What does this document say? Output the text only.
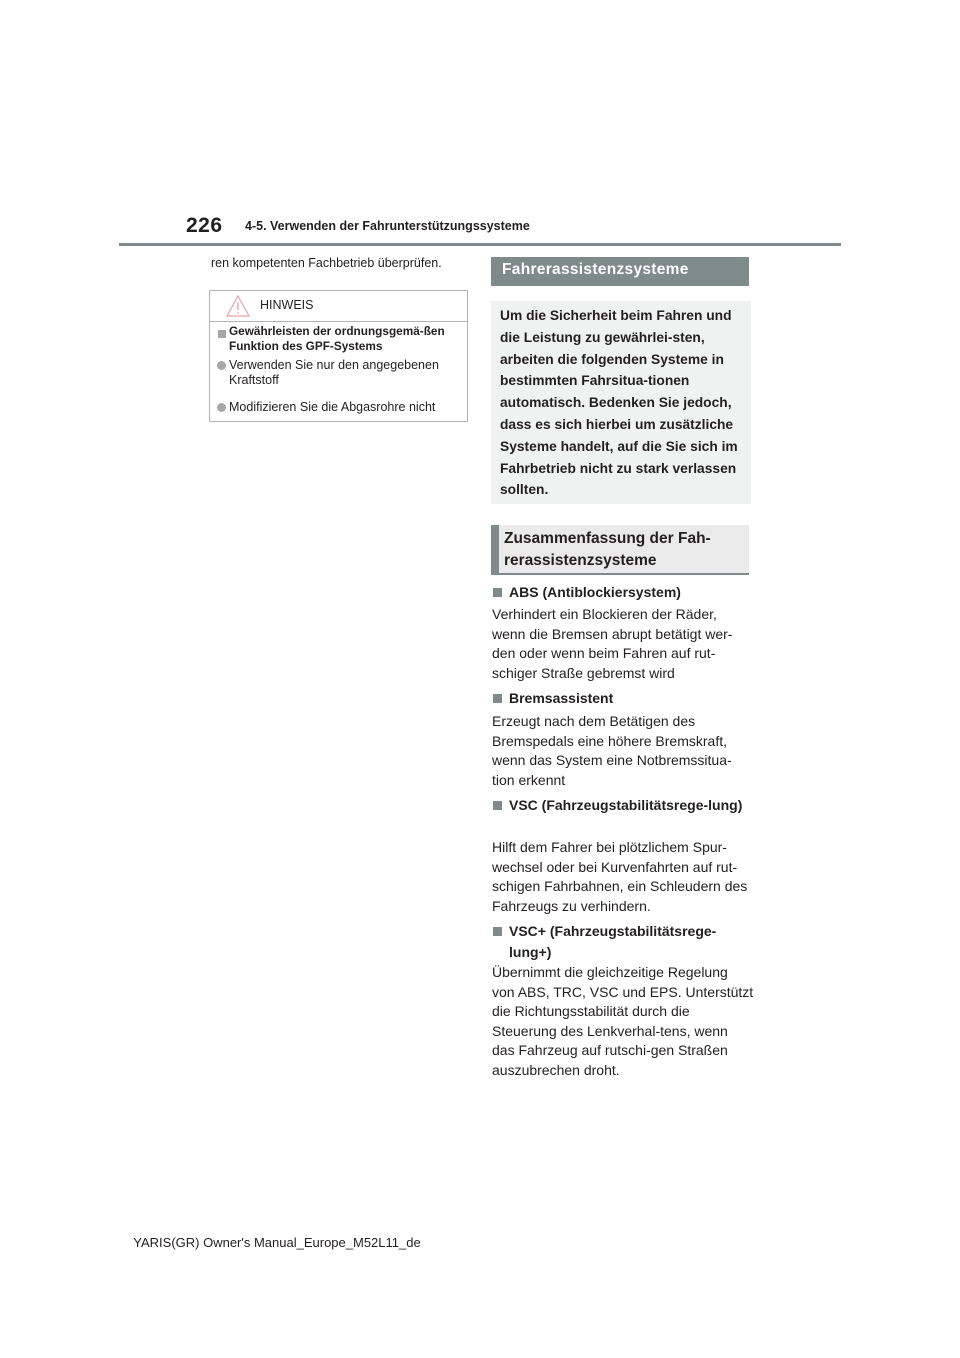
226 4-5. Verwenden der Fahrunterstützungssysteme
ren kompetenten Fachbetrieb überprüfen.
HINWEIS
Gewährleisten der ordnungsgemä-ßen Funktion des GPF-Systems
Verwenden Sie nur den angegebenen Kraftstoff
Modifizieren Sie die Abgasrohre nicht
Fahrerassistenzsysteme
Um die Sicherheit beim Fahren und die Leistung zu gewährlei-sten, arbeiten die folgenden Systeme in bestimmten Fahrsitua-tionen automatisch. Bedenken Sie jedoch, dass es sich hierbei um zusätzliche Systeme handelt, auf die Sie sich im Fahrbetrieb nicht zu stark verlassen sollten.
Zusammenfassung der Fah-rerassistenzsysteme
ABS (Antiblockiersystem)
Verhindert ein Blockieren der Räder, wenn die Bremsen abrupt betätigt wer-den oder wenn beim Fahren auf rut-schiger Straße gebremst wird
Bremsassistent
Erzeugt nach dem Betätigen des Bremspedals eine höhere Bremskraft, wenn das System eine Notbremssitua-tion erkennt
VSC (Fahrzeugstabilitätsrege-lung)
Hilft dem Fahrer bei plötzlichem Spur-wechsel oder bei Kurvenfahrten auf rut-schigen Fahrbahnen, ein Schleudern des Fahrzeugs zu verhindern.
VSC+ (Fahrzeugstabilitätsrege-lung+)
Übernimmt die gleichzeitige Regelung von ABS, TRC, VSC und EPS. Unterstützt die Richtungsstabilität durch die Steuerung des Lenkverhal-tens, wenn das Fahrzeug auf rutschi-gen Straßen auszubrechen droht.
YARIS(GR) Owner's Manual_Europe_M52L11_de
